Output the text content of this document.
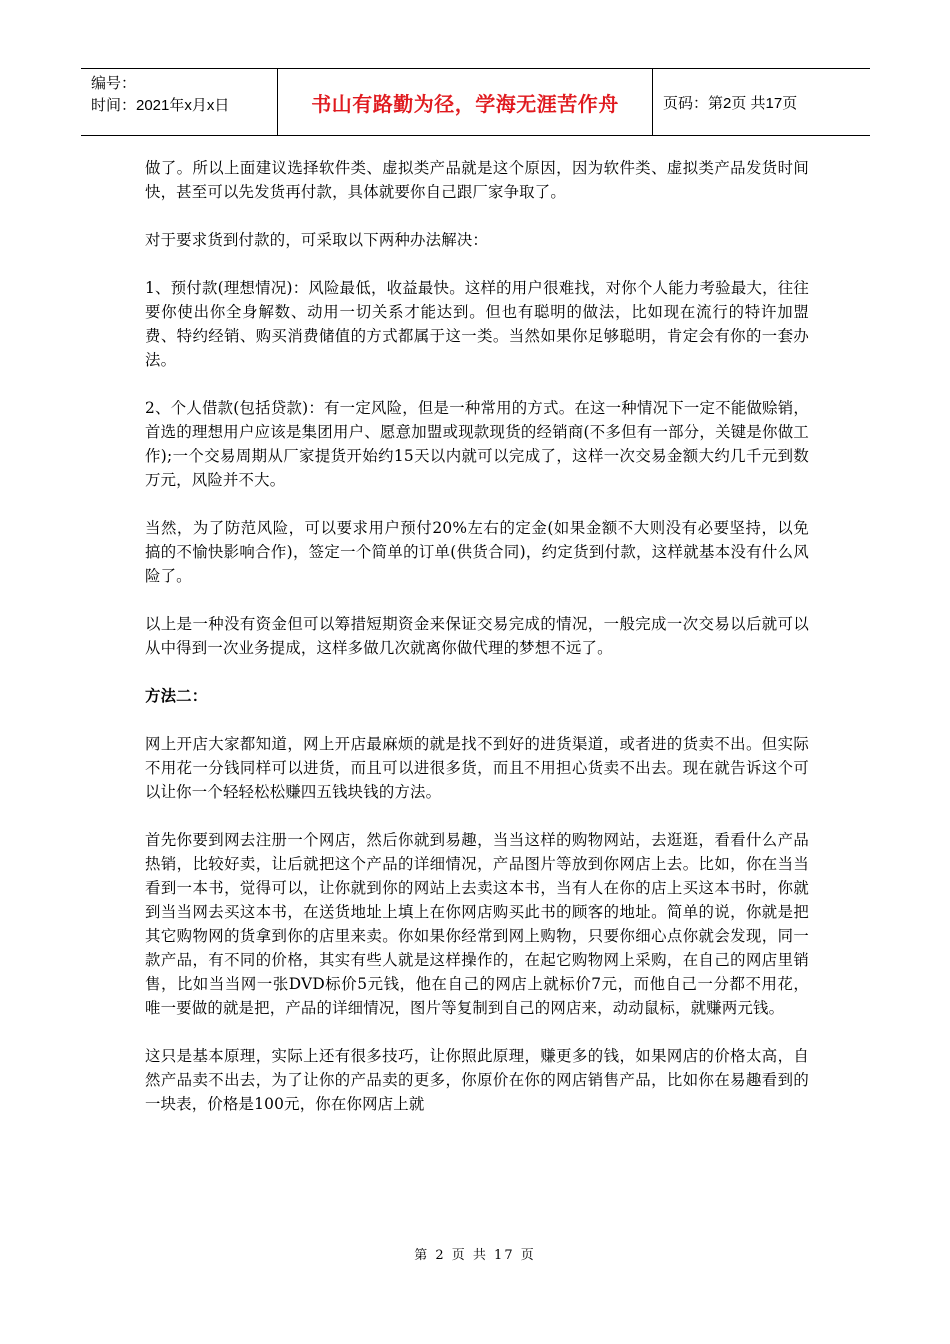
编号：
时间：2021年x月x日	书山有路勤为径，学海无涯苦作舟	页码：第2页 共17页

做了。所以上面建议选择软件类、虚拟类产品就是这个原因，因为软件类、虚拟类产品发货时间快，甚至可以先发货再付款，具体就要你自己跟厂家争取了。

对于要求货到付款的，可采取以下两种办法解决：

1、预付款(理想情况)：风险最低，收益最快。这样的用户很难找，对你个人能力考验最大，往往要你使出你全身解数、动用一切关系才能达到。但也有聪明的做法，比如现在流行的特许加盟费、特约经销、购买消费储值的方式都属于这一类。当然如果你足够聪明，肯定会有你的一套办法。

2、个人借款(包括贷款)：有一定风险，但是一种常用的方式。在这一种情况下一定不能做赊销，首选的理想用户应该是集团用户、愿意加盟或现款现货的经销商(不多但有一部分，关键是你做工作);一个交易周期从厂家提货开始约15天以内就可以完成了，这样一次交易金额大约几千元到数万元，风险并不大。

当然，为了防范风险，可以要求用户预付20%左右的定金(如果金额不大则没有必要坚持，以免搞的不愉快影响合作)，签定一个简单的订单(供货合同)，约定货到付款，这样就基本没有什么风险了。

以上是一种没有资金但可以筹措短期资金来保证交易完成的情况，一般完成一次交易以后就可以从中得到一次业务提成，这样多做几次就离你做代理的梦想不远了。

方法二：

网上开店大家都知道，网上开店最麻烦的就是找不到好的进货渠道，或者进的货卖不出。但实际不用花一分钱同样可以进货，而且可以进很多货，而且不用担心货卖不出去。现在就告诉这个可以让你一个轻轻松松赚四五钱块钱的方法。

首先你要到网去注册一个网店，然后你就到易趣，当当这样的购物网站，去逛逛，看看什么产品热销，比较好卖，让后就把这个产品的详细情况，产品图片等放到你网店上去。比如，你在当当看到一本书，觉得可以，让你就到你的网站上去卖这本书，当有人在你的店上买这本书时，你就到当当网去买这本书，在送货地址上填上在你网店购买此书的顾客的地址。简单的说，你就是把其它购物网的货拿到你的店里来卖。你如果你经常到网上购物，只要你细心点你就会发现，同一款产品，有不同的价格，其实有些人就是这样操作的，在起它购物网上采购，在自己的网店里销售，比如当当网一张DVD标价5元钱，他在自己的网店上就标价7元，而他自己一分都不用花，唯一要做的就是把，产品的详细情况，图片等复制到自己的网店来，动动鼠标，就赚两元钱。

这只是基本原理，实际上还有很多技巧，让你照此原理，赚更多的钱，如果网店的价格太高，自然产品卖不出去，为了让你的产品卖的更多，你原价在你的网店销售产品，比如你在易趣看到的一块表，价格是100元，你在你网店上就

第 2 页 共 17 页
